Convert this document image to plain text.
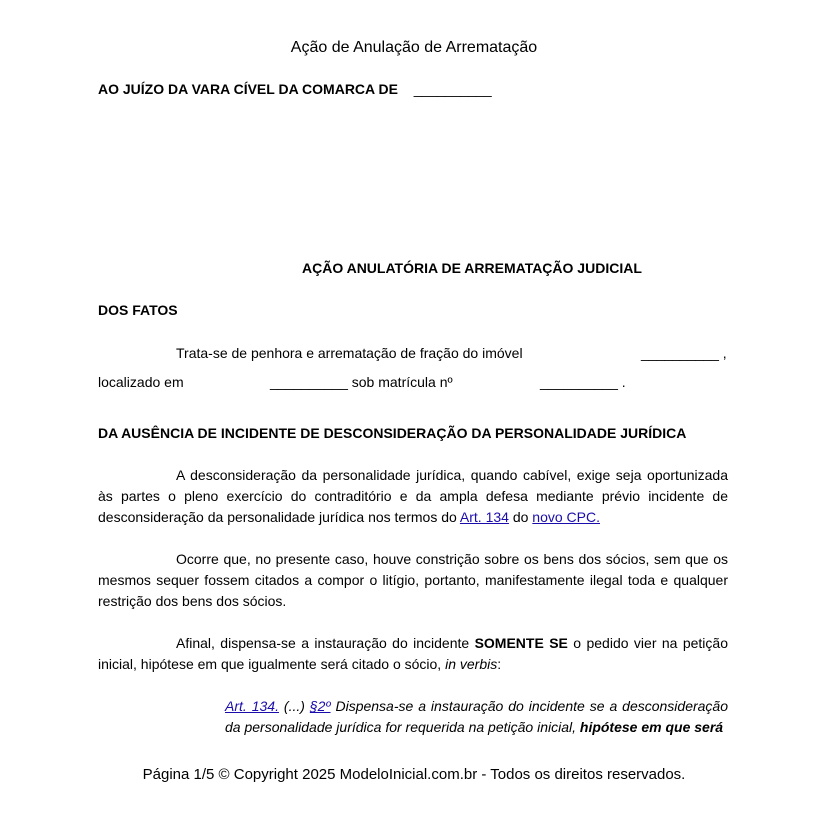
Ação de Anulação de Arrematação
AO JUÍZO DA VARA CÍVEL DA COMARCA DE __________
AÇÃO ANULATÓRIA DE ARREMATAÇÃO JUDICIAL
DOS FATOS
Trata-se de penhora e arrematação de fração do imóvel	__________ ,
localizado em	__________ sob matrícula nº	__________ .
DA AUSÊNCIA DE INCIDENTE DE DESCONSIDERAÇÃO DA PERSONALIDADE JURÍDICA

A desconsideração da personalidade jurídica, quando cabível, exige seja oportunizada às partes o pleno exercício do contraditório e da ampla defesa mediante prévio incidente de desconsideração da personalidade jurídica nos termos do Art. 134 do novo CPC.

Ocorre que, no presente caso, houve constrição sobre os bens dos sócios, sem que os mesmos sequer fossem citados a compor o litígio, portanto, manifestamente ilegal toda e qualquer restrição dos bens dos sócios.

Afinal, dispensa-se a instauração do incidente SOMENTE SE o pedido vier na petição inicial, hipótese em que igualmente será citado o sócio, in verbis:

Art. 134. (...) §2º Dispensa-se a instauração do incidente se a desconsideração da personalidade jurídica for requerida na petição inicial, hipótese em que será
Página 1/5 © Copyright 2025 ModeloInicial.com.br - Todos os direitos reservados.
